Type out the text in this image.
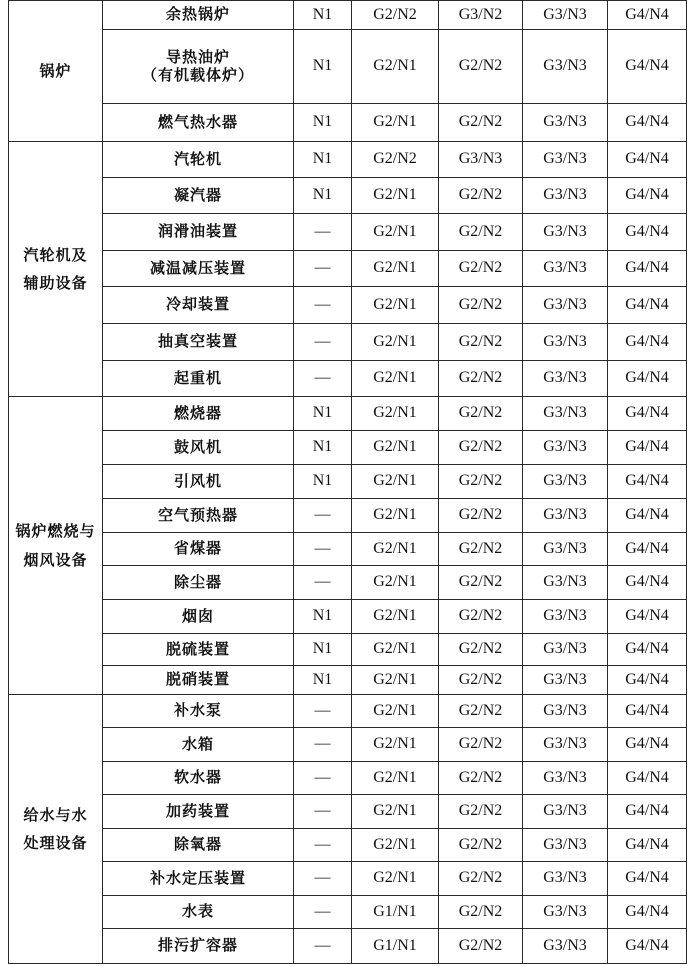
锅炉	余热锅炉	N1	G2/N2	G3/N2	G3/N3	G4/N4

	导热油炉
（有机载体炉）	N1	G2/N1	G2/N2	G3/N3	G4/N4

	燃气热水器	N1	G2/N1	G2/N2	G3/N3	G4/N4

汽轮机及
辅助设备	汽轮机	N1	G2/N2	G3/N3	G3/N3	G4/N4

	凝汽器	N1	G2/N1	G2/N2	G3/N3	G4/N4

	润滑油装置	—	G2/N1	G2/N2	G3/N3	G4/N4

	减温减压装置	—	G2/N1	G2/N2	G3/N3	G4/N4

	冷却装置	—	G2/N1	G2/N2	G3/N3	G4/N4

	抽真空装置	—	G2/N1	G2/N2	G3/N3	G4/N4

	起重机	—	G2/N1	G2/N2	G3/N3	G4/N4

锅炉燃烧与
烟风设备	燃烧器	N1	G2/N1	G2/N2	G3/N3	G4/N4

	鼓风机	N1	G2/N1	G2/N2	G3/N3	G4/N4

	引风机	N1	G2/N1	G2/N2	G3/N3	G4/N4

	空气预热器	—	G2/N1	G2/N2	G3/N3	G4/N4

	省煤器	—	G2/N1	G2/N2	G3/N3	G4/N4

	除尘器	—	G2/N1	G2/N2	G3/N3	G4/N4

	烟囱	N1	G2/N1	G2/N2	G3/N3	G4/N4

	脱硫装置	N1	G2/N1	G2/N2	G3/N3	G4/N4

	脱硝装置	N1	G2/N1	G2/N2	G3/N3	G4/N4

给水与水
处理设备	补水泵	—	G2/N1	G2/N2	G3/N3	G4/N4

	水箱	—	G2/N1	G2/N2	G3/N3	G4/N4

	软水器	—	G2/N1	G2/N2	G3/N3	G4/N4

	加药装置	—	G2/N1	G2/N2	G3/N3	G4/N4

	除氧器	—	G2/N1	G2/N2	G3/N3	G4/N4

	补水定压装置	—	G2/N1	G2/N2	G3/N3	G4/N4

	水表	—	G1/N1	G2/N2	G3/N3	G4/N4

	排污扩容器	—	G1/N1	G2/N2	G3/N3	G4/N4
